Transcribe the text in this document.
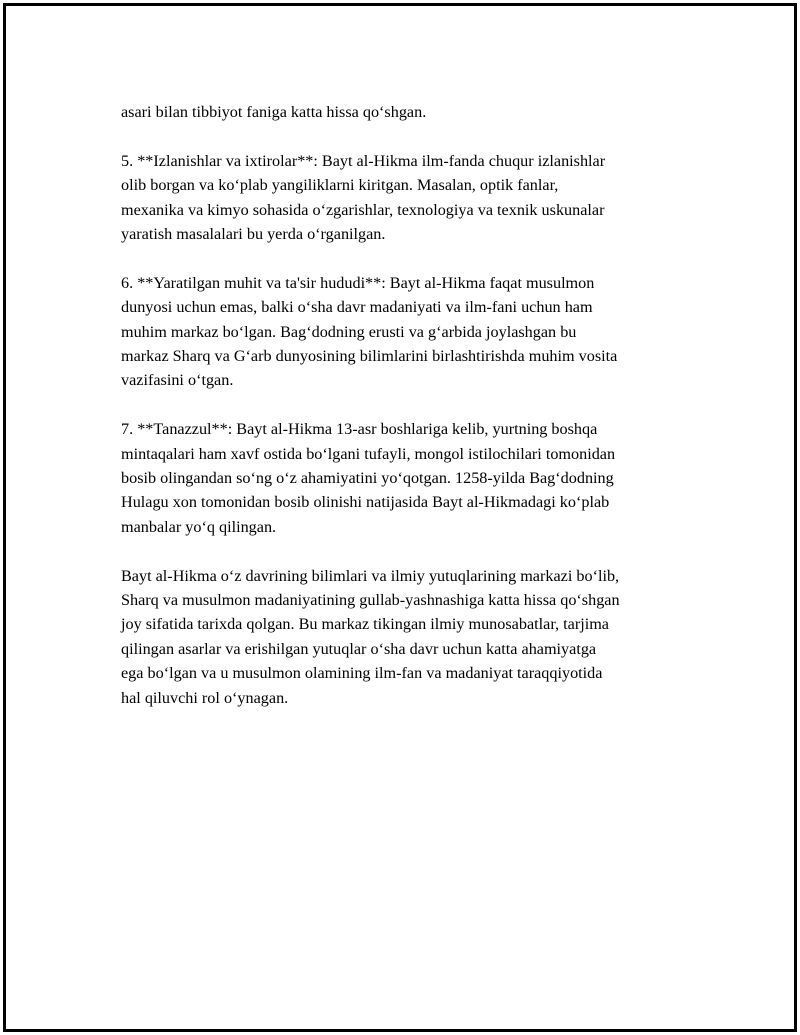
asari bilan tibbiyot faniga katta hissa qo‘shgan.

5. **Izlanishlar va ixtirolar**: Bayt al-Hikma ilm-fanda chuqur izlanishlar
olib borgan va ko‘plab yangiliklarni kiritgan. Masalan, optik fanlar,
mexanika va kimyo sohasida o‘zgarishlar, texnologiya va texnik uskunalar
yaratish masalalari bu yerda o‘rganilgan.

6. **Yaratilgan muhit va ta'sir hududi**: Bayt al-Hikma faqat musulmon
dunyosi uchun emas, balki o‘sha davr madaniyati va ilm-fani uchun ham
muhim markaz bo‘lgan. Bag‘dodning erusti va g‘arbida joylashgan bu
markaz Sharq va G‘arb dunyosining bilimlarini birlashtirishda muhim vosita
vazifasini o‘tgan.

7. **Tanazzul**: Bayt al-Hikma 13-asr boshlariga kelib, yurtning boshqa
mintaqalari ham xavf ostida bo‘lgani tufayli, mongol istilochilari tomonidan
bosib olingandan so‘ng o‘z ahamiyatini yo‘qotgan. 1258-yilda Bag‘dodning
Hulagu xon tomonidan bosib olinishi natijasida Bayt al-Hikmadagi ko‘plab
manbalar yo‘q qilingan.

Bayt al-Hikma o‘z davrining bilimlari va ilmiy yutuqlarining markazi bo‘lib,
Sharq va musulmon madaniyatining gullab-yashnashiga katta hissa qo‘shgan
joy sifatida tarixda qolgan. Bu markaz tikingan ilmiy munosabatlar, tarjima
qilingan asarlar va erishilgan yutuqlar o‘sha davr uchun katta ahamiyatga
ega bo‘lgan va u musulmon olamining ilm-fan va madaniyat taraqqiyotida
hal qiluvchi rol o‘ynagan.
